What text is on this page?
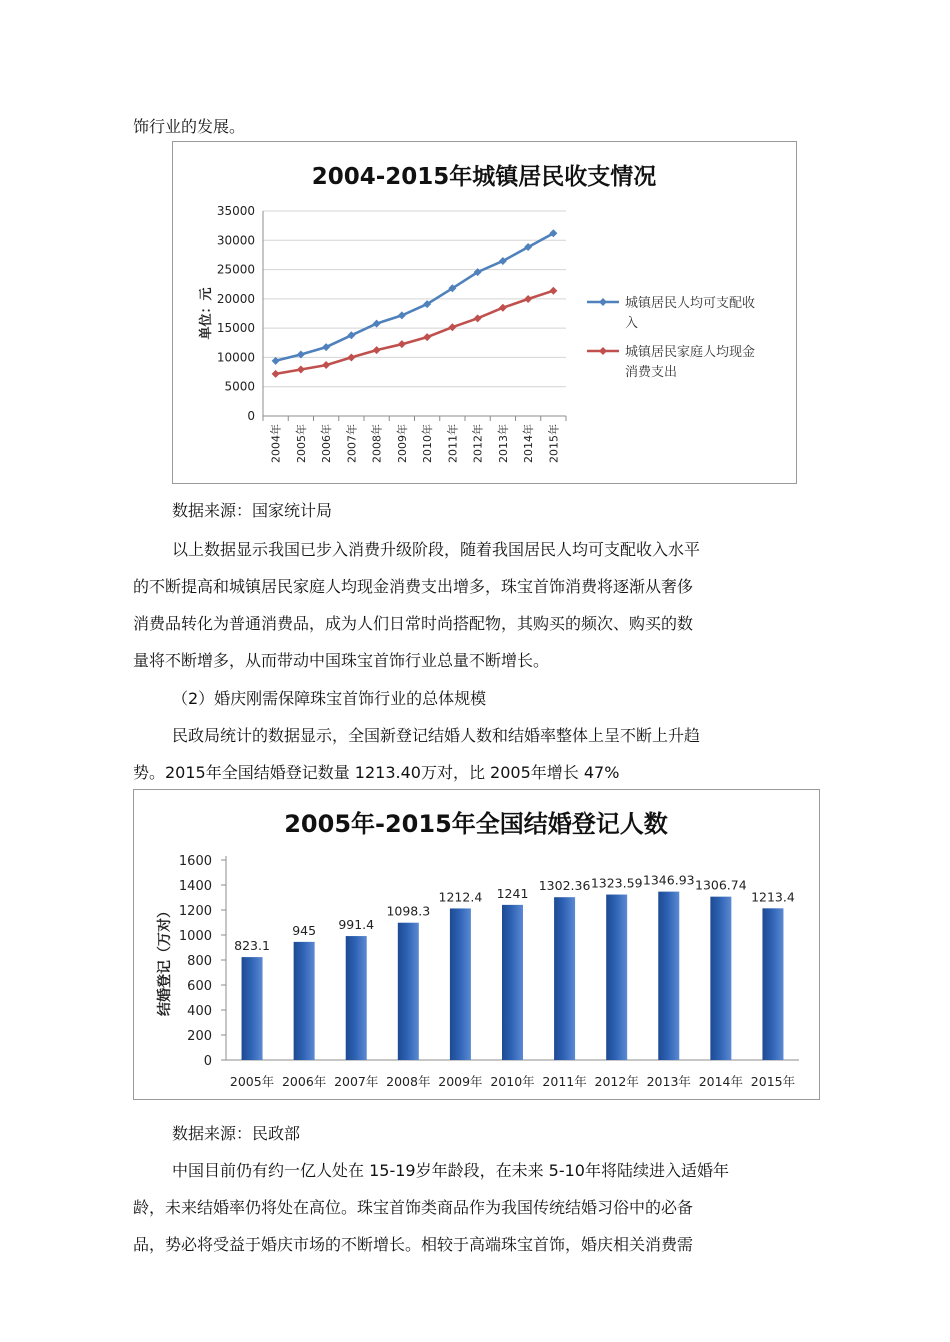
饰行业的发展。
2004-2015年城镇居民收支情况
0
5000
10000
15000
20000
25000
30000
35000
2004年 2005年 2006年 2007年 2008年 2009年 2010年 2011年 2012年 2013年 2014年 2015年
单位：元	城镇居民人均可支配收
入
城镇居民家庭人均现金
消费支出
数据来源：国家统计局
以上数据显示我国已步入消费升级阶段，随着我国居民人均可支配收入水平
的不断提高和城镇居民家庭人均现金消费支出增多，珠宝首饰消费将逐渐从奢侈
消费品转化为普通消费品，成为人们日常时尚搭配物，其购买的频次、购买的数
量将不断增多，从而带动中国珠宝首饰行业总量不断增长。
（2）婚庆刚需保障珠宝首饰行业的总体规模
民政局统计的数据显示，全国新登记结婚人数和结婚率整体上呈不断上升趋
势。2015年全国结婚登记数量 1213.40万对，比 2005年增长 47%
2005年-2015年全国结婚登记人数
0
200
400
600
800
1000
1200
1400
1600
结婚登记（万对）	823.1
2005年
945
2006年
991.4
2007年
1098.3
2008年
1212.4
2009年
1241
2010年
1302.36
2011年
1323.59
2012年
1346.93
2013年
1306.74
2014年
1213.4
2015年
数据来源：民政部
中国目前仍有约一亿人处在 15-19岁年龄段，在未来 5-10年将陆续进入适婚年
龄，未来结婚率仍将处在高位。珠宝首饰类商品作为我国传统结婚习俗中的必备
品，势必将受益于婚庆市场的不断增长。相较于高端珠宝首饰，婚庆相关消费需
